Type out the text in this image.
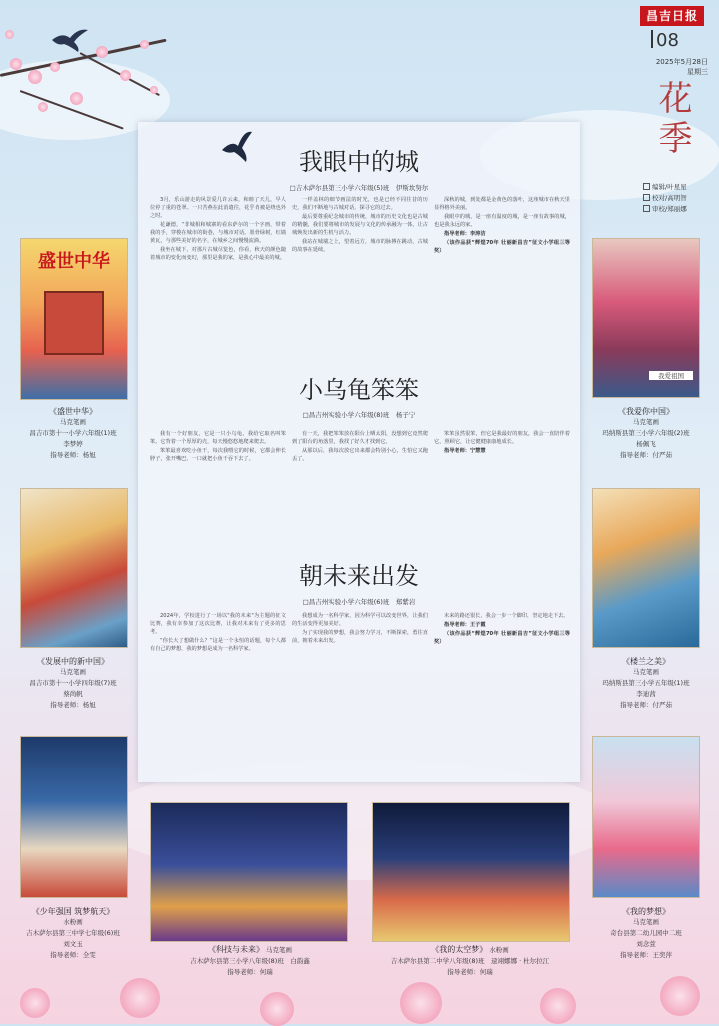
昌吉日报
08
2025年5月28日
星期三
花季
编辑/叶星星
校对/高明智
审校/郑丽娜
我眼中的城
□吉木萨尔县第三小学六年级(5)班　伊斯坎努尔

3月，乐山游走的风景爱几许云来，和睦了天儿，早人位停了重的苍翠。一只苦燕在此消遣往，花乎肯被是绕也外之时。

花谦德，“非城相和城寨的看东萨尔的一个字画，带着我的手，穿梭在城市的街巷，与城市对话。墨骨绿树，红墙黄瓦，与那些美好的名字，在城乡之间慢慢流淌。

我坐在城下，对那片古城尽览色，你看，秋天的颜色随着城市的变化而变幻，那里是我的家，是我心中最美的城。

一样盖林的细节画法的时光，也是已经不同往昔的历史，我们不断地与古城对话，探寻它的过去。

最后要尊重纪念城市的传统，城市的历史文化也是古城的精髓，我们要将城市的发展与文化的传承融为一体，让古城焕发出新的生机与活力。

我站在城墙之上，望着远方，城市的脉搏在跳动，古城的故事在延续。

深秋的城，到处都是金黄色的落叶，这座城市在秋天里显得格外美丽。

我眼中的城，是一座有温度的城，是一座有故事的城，也是我永远的家。

指导老师：李涛洁

（该作品获“辉煌70年 壮丽新昌吉”征文小学组三等奖）

小乌龟笨笨
□昌吉州实验小学六年级(8)班　杨子宁

我有一个好朋友，它是一只小乌龟，我给它取名叫笨笨。它背着一个厚厚的壳，每天慢悠悠地爬来爬去。

笨笨最喜欢吃小鱼干，每次我喂它的时候，它都会伸长脖子，张开嘴巴，一口就把小鱼干吞下去了。

有一天，我把笨笨放在阳台上晒太阳，没想到它竟然爬到了阳台的角落里，我找了好久才找到它。

从那以后，我每次放它出来都会特别小心，生怕它又跑丢了。

笨笨虽然很笨，但它是我最好的朋友，我会一直陪伴着它，照顾它，让它健健康康地成长。

指导老师：宁慧慧

朝未来出发
□昌吉州实验小学六年级(6)班　郑紫岩

2024年，学校进行了一场以"我的未来"为主题的征文比赛，我有幸参加了这次比赛，让我对未来有了更多的思考。

“你长大了想做什么？”这是一个永恒的话题，每个人都有自己的梦想，我的梦想是成为一名科学家。

我想成为一名科学家，因为科学可以改变世界，让我们的生活变得更加美好。

为了实现我的梦想，我会努力学习，不断探索，勇往直前，朝着未来出发。

未来的路还很长，我会一步一个脚印，坚定地走下去。

指导老师：王子霞

（该作品获“辉煌70年 壮丽新昌吉”征文小学组三等奖）

盛世中华
《盛世中华》
马克笔画
昌吉市第十一小学六年级(1)班
李梦婷
指导老师：杨旭
《发展中的新中国》
马克笔画
昌吉市第十一小学四年级(7)班
蔡尚帆
指导老师：杨旭
《少年强国 筑梦航天》
水粉画
吉木萨尔县第三中学七年级(6)班
刘文玉
指导老师：全雯
《科技与未来》 马克笔画
吉木萨尔县第三小学八年级(8)班　白韵鑫
指导老师：何瑞
《我的太空梦》 水粉画
吉木萨尔县第二中学八年级(8)班　逯翊娜娜 · 杜尔拉江
指导老师：何瑞
我爱祖国
《我爱你中国》
马克笔画
玛纳斯县第三小学六年级(2)班
杨佩飞
指导老师：付严茹
《楼兰之美》
马克笔画
玛纳斯县第三小学五年级(1)班
李迪茜
指导老师：付严茹
《我的梦想》
马克笔画
奇台县第二幼儿园中二班
刘念萱
指导老师：王奕萍
